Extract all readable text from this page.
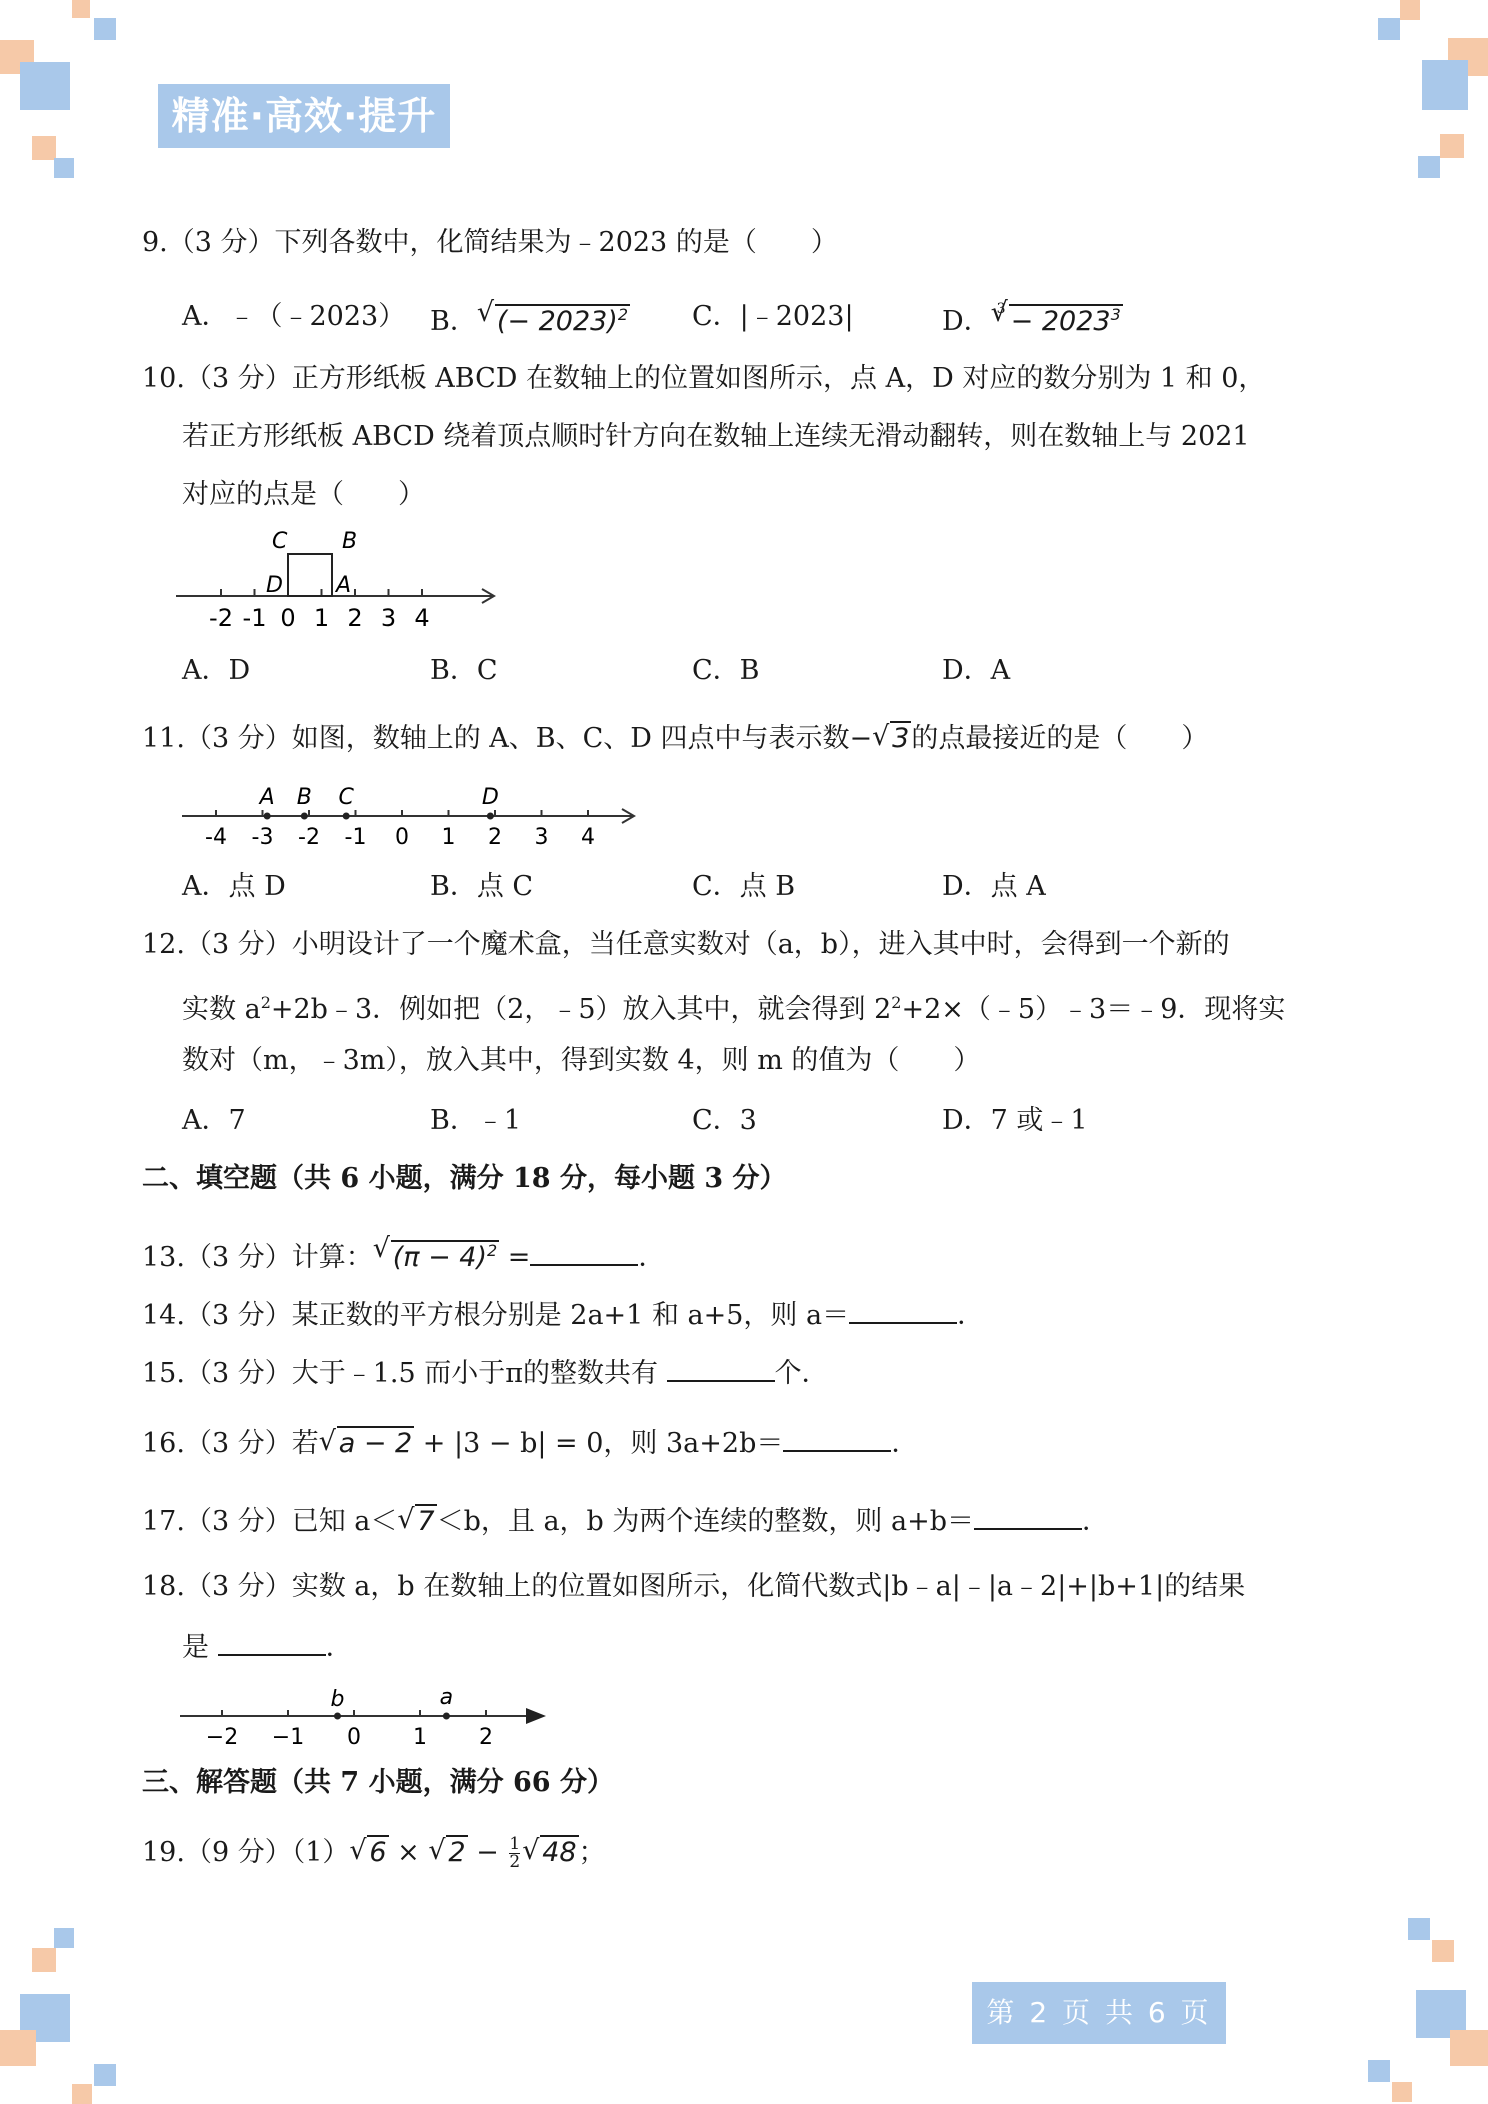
精准·高效·提升
9.（3 分）下列各数中，化简结果为﹣2023 的是（　　）
A．﹣（﹣2023） B． √ (− 2023)$^2$ C．|﹣2023|	D． 3 √ − $2023^3$
10.（3 分）正方形纸板 ABCD 在数轴上的位置如图所示，点 A，D 对应的数分别为 1 和 0，
若正方形纸板 ABCD 绕着顶点顺时针方向在数轴上连续无滑动翻转，则在数轴上与 2021
对应的点是（　　）
-2 -1 0 1 2 3 4
C B
D A
A．D	B．C	C．B	D．A
11.（3 分）如图，数轴上的 A、B、C、D 四点中与表示数− √ 3的点最接近的是（　　）
-4 -3 -2 -1 0 1 2 3 4
A B C	D
A．点 D	B．点 C	C．点 B	D．点 A
12.（3 分）小明设计了一个魔术盒，当任意实数对（a，b），进入其中时，会得到一个新的
实数 $a^2+2b﹣3$．例如把（2，﹣5）放入其中，就会得到 $2^2+2\times(﹣5)﹣3=﹣9$．现将实
数对（m，﹣3m），放入其中，得到实数 4，则 m 的值为（　　）
A．7	B．﹣1	C．3	D．7 或﹣1
二、填空题（共 6 小题，满分 18 分，每小题 3 分）
13.（3 分）计算： √ $(\pi - 4)^2$ =	．
14.（3 分）某正数的平方根分别是 2a+1 和 a+5，则 a＝	．
15.（3 分）大于﹣1.5 而小于π的整数共有	个．
16.（3 分）若 √ a − 2 + |3 − b| = 0，则 3a+2b＝	．
17.（3 分）已知 a＜ √ 7＜b，且 a，b 为两个连续的整数，则 a+b＝	．
18.（3 分）实数 a，b 在数轴上的位置如图所示，化简代数式|b﹣a|﹣|a﹣2|+|b+1|的结果
是	．
−2 −1 0 1 2
b	a
三、解答题（共 7 小题，满分 66 分）
19.（9 分）（1） √ 6 × √ $2 - \frac{1}{2}$ √ 48；
第 2 页 共 6 页
